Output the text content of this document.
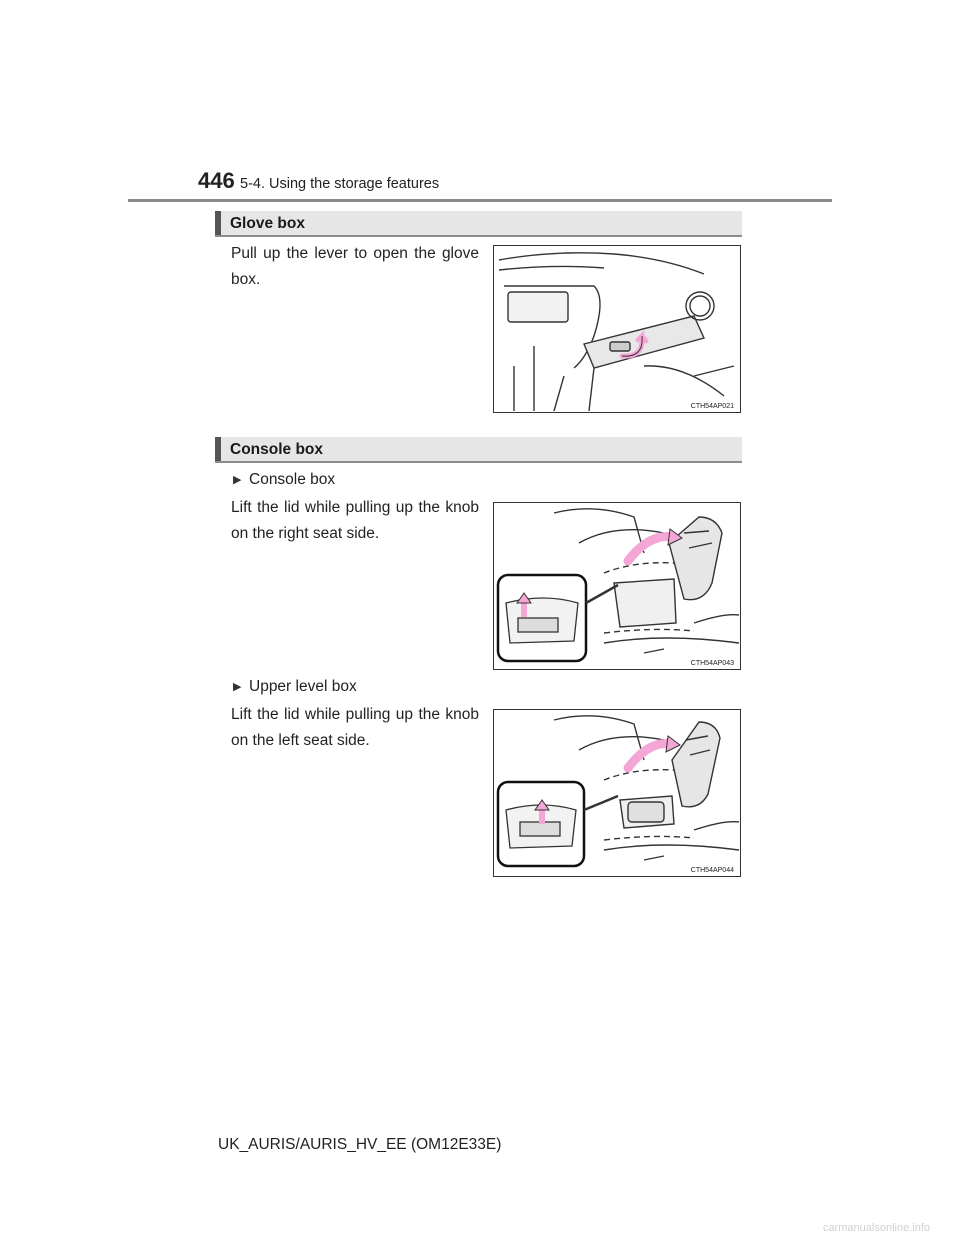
446 5-4. Using the storage features
Glove box
Pull up the lever to open the glove box.
CTH54AP021
Console box
▶ Console box
Lift the lid while pulling up the knob on the right seat side.
CTH54AP043
▶ Upper level box
Lift the lid while pulling up the knob on the left seat side.
CTH54AP044
UK_AURIS/AURIS_HV_EE (OM12E33E)
carmanualsonline.info
